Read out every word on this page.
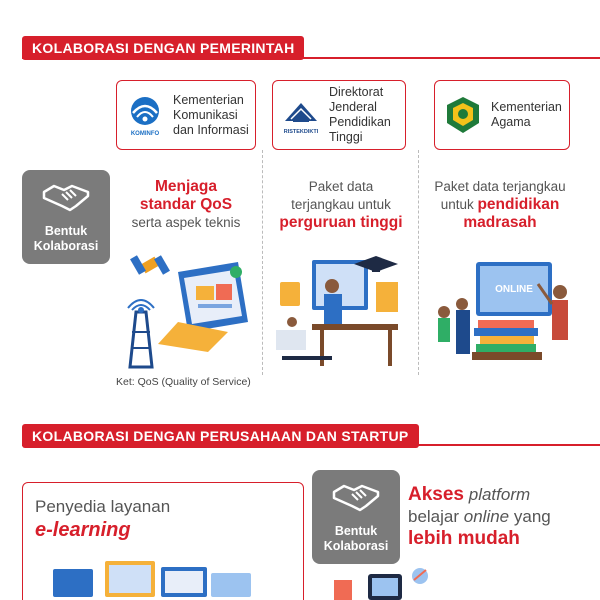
KOLABORASI DENGAN PEMERINTAH
KOMINFO
Kementerian
Komunikasi
dan Informasi	RISTEKDIKTI
Direktorat
Jenderal
Pendidikan
Tinggi
Kementerian
Agama
Bentuk
Kolaborasi
Menjaga
standar QoS
serta aspek teknis
Paket data
terjangkau untuk
perguruan tinggi
Paket data terjangkau
untuk pendidikan
madrasah
Ket: QoS (Quality of Service)
ONLINE
KOLABORASI DENGAN PERUSAHAAN DAN STARTUP
Penyedia layanan
e-learning	Bentuk
Kolaborasi
Akses platform
belajar online yang
lebih mudah
